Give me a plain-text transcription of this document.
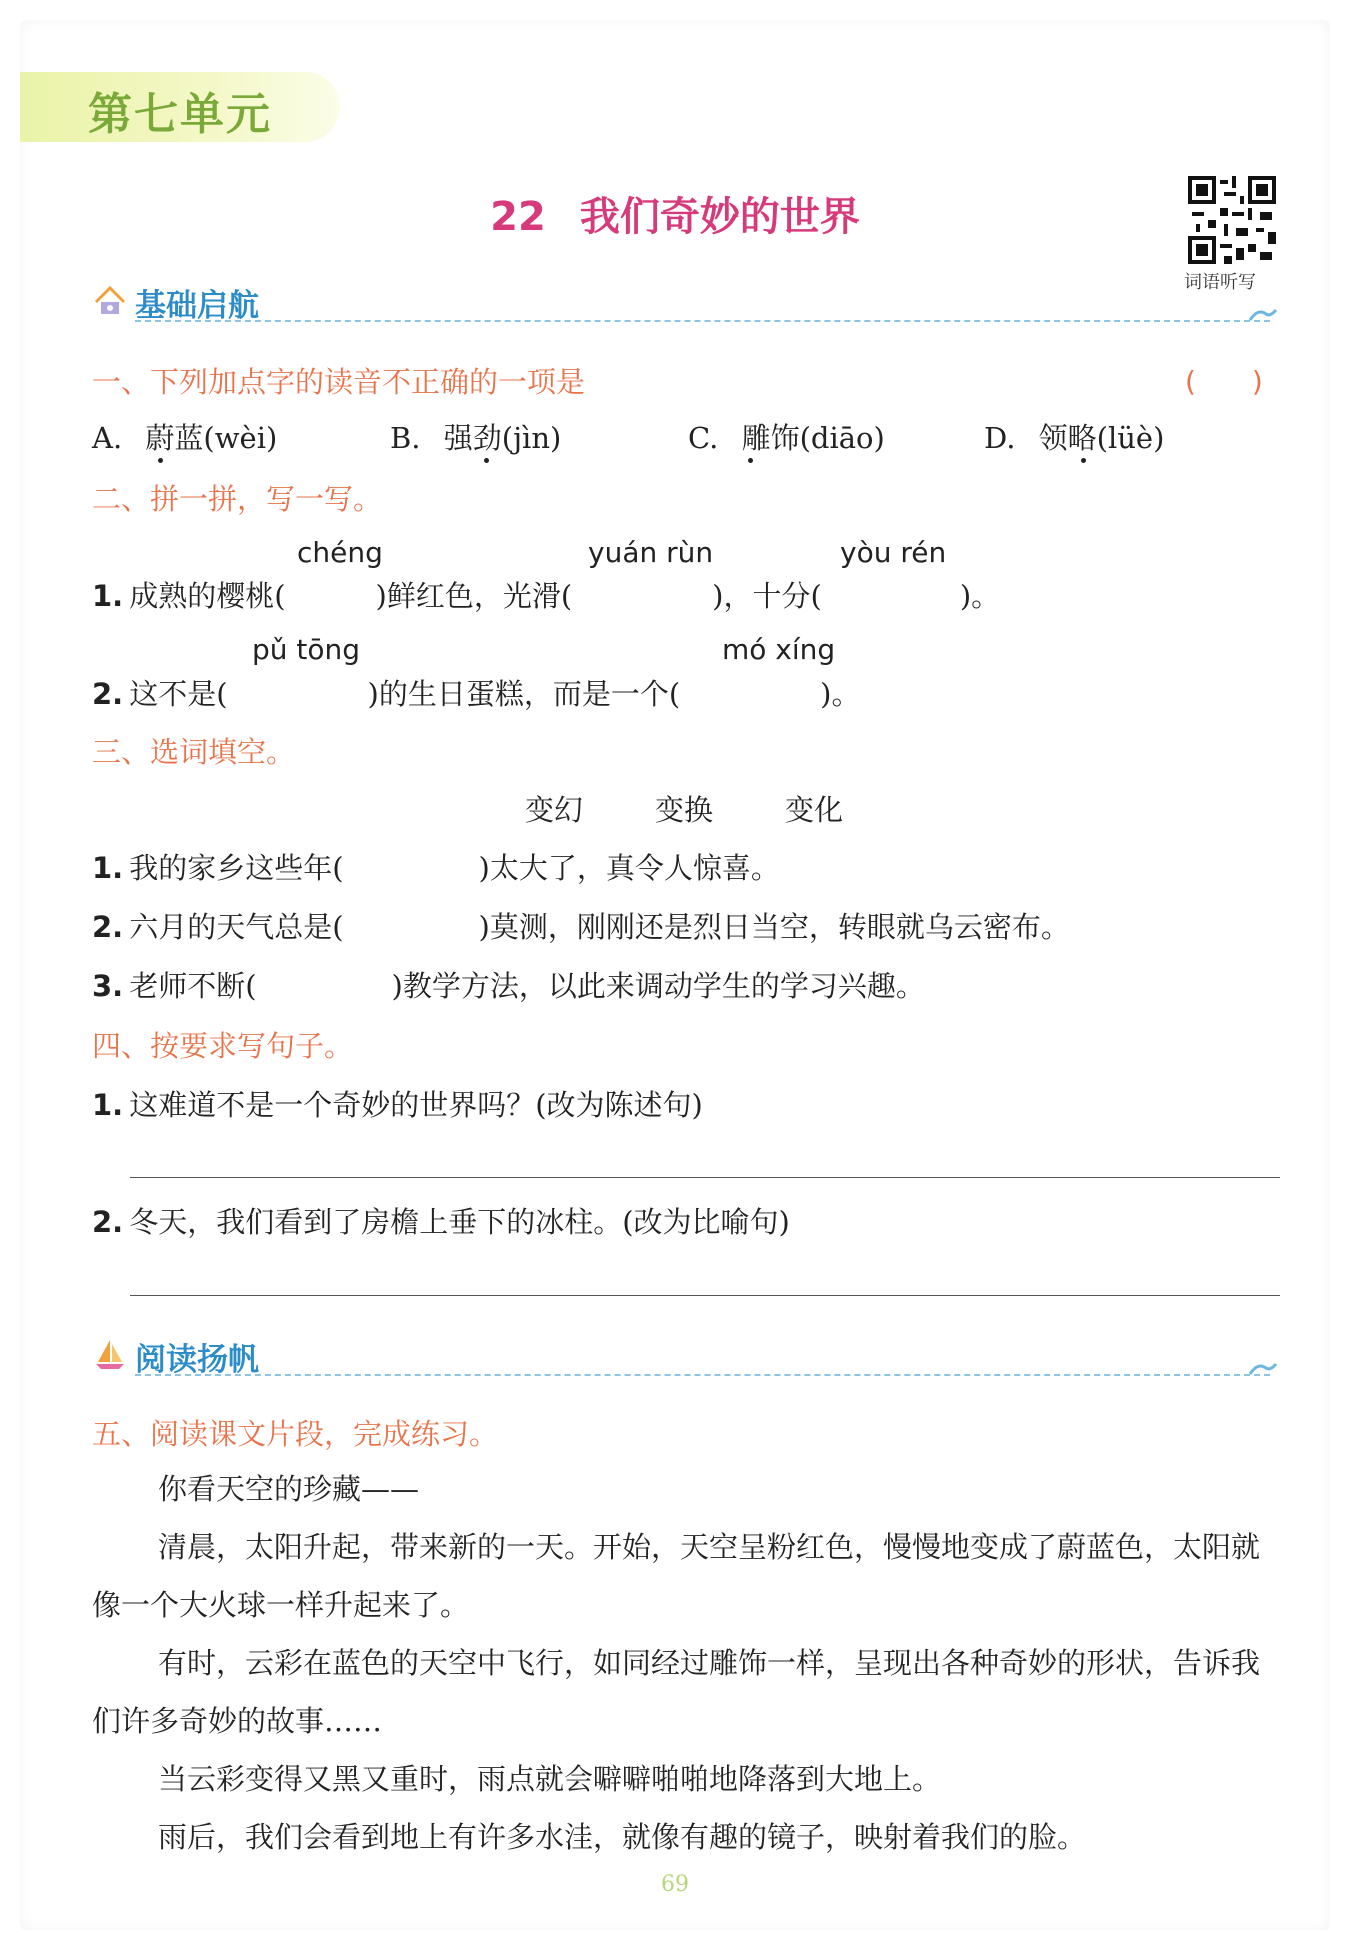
第七单元
22 我们奇妙的世界
词语听写
基础启航
一、下列加点字的读音不正确的一项是	(　　)
A. 蔚蓝(wèi)	B. 强劲(jìn)	C. 雕饰(diāo)	D. 领略(lüè)
二、拼一拼，写一写。
chéng	yuán rùn	yòu rén
1. 成熟的樱桃(	)鲜红色，光滑(	)，十分(	)。
pǔ tōng	mó xíng
2. 这不是(	)的生日蛋糕，而是一个(	)。
三、选词填空。
变幻 变换 变化
1. 我的家乡这些年(	)太大了，真令人惊喜。
2. 六月的天气总是(	)莫测，刚刚还是烈日当空，转眼就乌云密布。
3. 老师不断(	)教学方法，以此来调动学生的学习兴趣。
四、按要求写句子。
1. 这难道不是一个奇妙的世界吗？(改为陈述句)
2. 冬天，我们看到了房檐上垂下的冰柱。(改为比喻句)
阅读扬帆
五、阅读课文片段，完成练习。

你看天空的珍藏——

清晨，太阳升起，带来新的一天。开始，天空呈粉红色，慢慢地变成了蔚蓝色，太阳就像一个大火球一样升起来了。

有时，云彩在蓝色的天空中飞行，如同经过雕饰一样，呈现出各种奇妙的形状，告诉我们许多奇妙的故事……

当云彩变得又黑又重时，雨点就会噼噼啪啪地降落到大地上。

雨后，我们会看到地上有许多水洼，就像有趣的镜子，映射着我们的脸。

69
